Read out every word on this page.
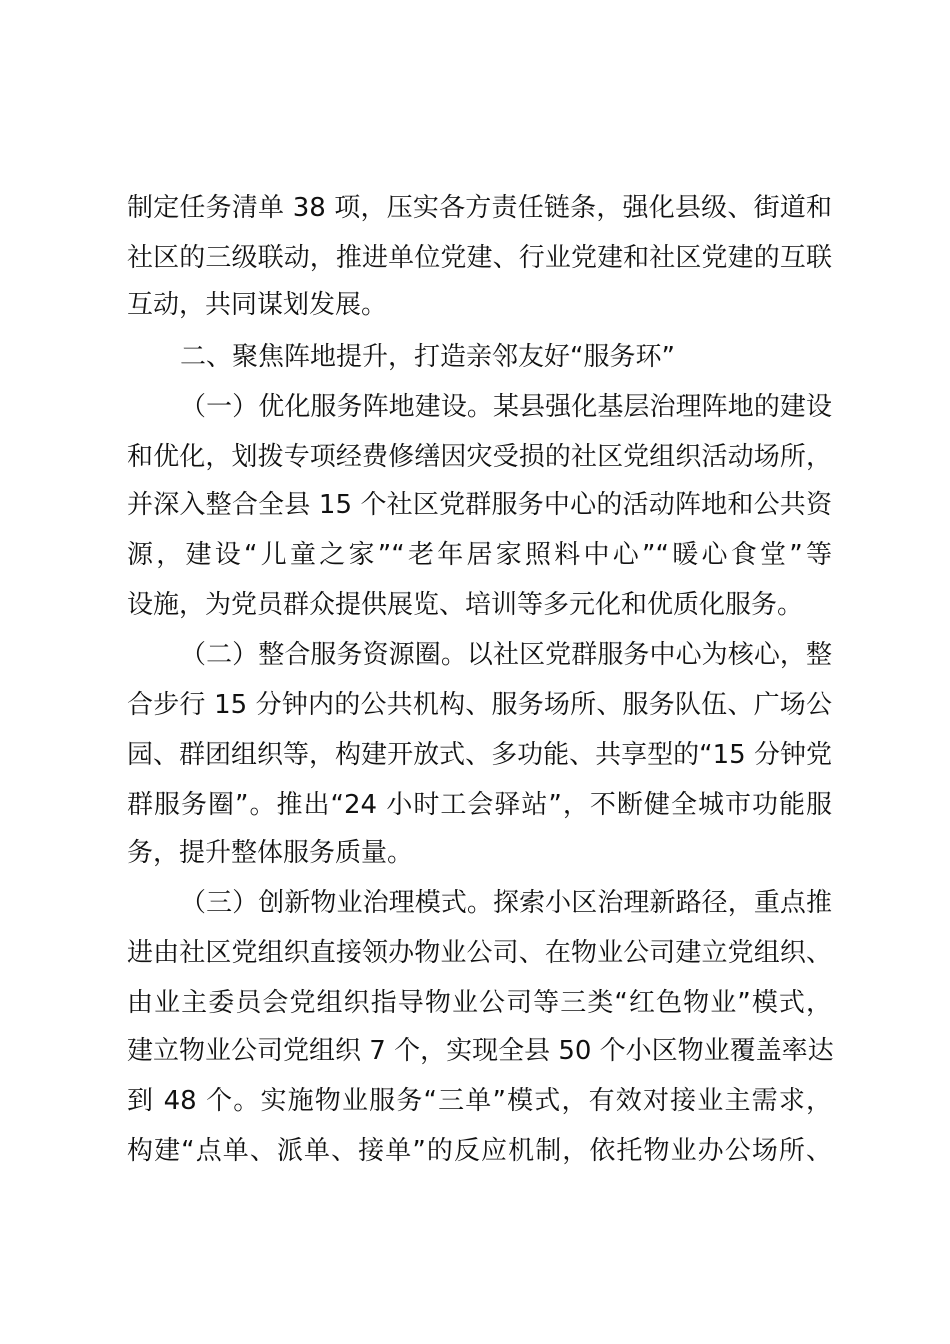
制定任务清单 38 项，压实各方责任链条，强化县级、街道和
社区的三级联动，推进单位党建、行业党建和社区党建的互联
互动，共同谋划发展。
二、聚焦阵地提升，打造亲邻友好“服务环”
（一）优化服务阵地建设。某县强化基层治理阵地的建设
和优化，划拨专项经费修缮因灾受损的社区党组织活动场所，
并深入整合全县 15 个社区党群服务中心的活动阵地和公共资
源，建设“儿童之家”“老年居家照料中心”“暖心食堂”等
设施，为党员群众提供展览、培训等多元化和优质化服务。
（二）整合服务资源圈。以社区党群服务中心为核心，整
合步行 15 分钟内的公共机构、服务场所、服务队伍、广场公
园、群团组织等，构建开放式、多功能、共享型的“15 分钟党
群服务圈”。推出“24 小时工会驿站”，不断健全城市功能服
务，提升整体服务质量。
（三）创新物业治理模式。探索小区治理新路径，重点推
进由社区党组织直接领办物业公司、在物业公司建立党组织、
由业主委员会党组织指导物业公司等三类“红色物业”模式，
建立物业公司党组织 7 个，实现全县 50 个小区物业覆盖率达
到 48 个。实施物业服务“三单”模式，有效对接业主需求，
构建“点单、派单、接单”的反应机制，依托物业办公场所、
